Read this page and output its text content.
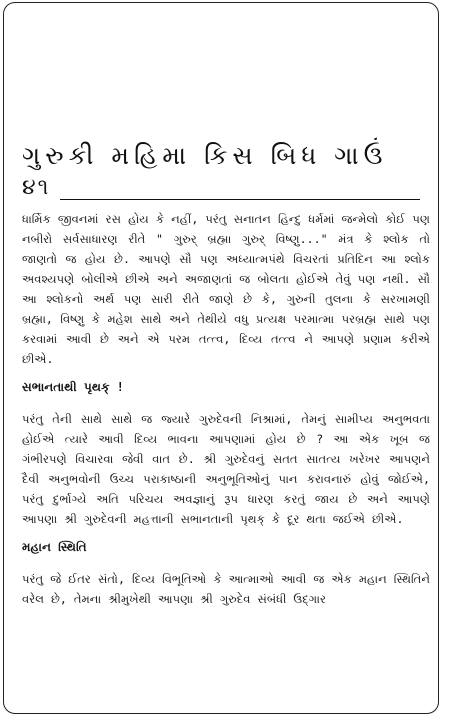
ગુરુકી મહિમા કિસ બિધ ગાઉં
૪૧

ધાર્મિક જીવનમાં રસ હોય કે નહીં, પરંતુ સનાતન હિન્દુ ધર્મમાં જન્મેલો કોઈ પણ નબીરો સર્વસાધારણ રીતે " ગુરુર્ બ્રહ્મા ગુરુર્ વિષ્ણુ..." મંત્ર કે શ્લોક તો જાણતો જ હોય છે. આપણે સૌ પણ અધ્યાત્મપંથે વિચરતાં પ્રતિદિન આ શ્લોક અવશ્યપણે બોલીએ છીએ અને અજાણતાં જ બોલતા હોઈએ તેવું પણ નથી. સૌ આ શ્લોકનો અર્થ પણ સારી રીતે જાણે છે કે, ગુરુની તુલના કે સરખામણી બ્રહ્મા, વિષ્ણુ કે મહેશ સાથે અને તેથીયે વધુ પ્રત્યક્ષ પરમાત્મા પરબ્રહ્મ સાથે પણ કરવામાં આવી છે અને એ પરમ તત્ત્વ, દિવ્ય તત્ત્વ ને આપણે પ્રણામ કરીએ છીએ.

સભાનતાથી પૃથક્ !

પરંતુ તેની સાથે સાથે જ જ્યારે ગુરુદેવની નિશ્રામાં, તેમનું સામીપ્ય અનુભવતા હોઈએ ત્યારે આવી દિવ્ય ભાવના આપણામાં હોય છે ? આ એક ખૂબ જ ગંભીરપણે વિચારવા જેવી વાત છે. શ્રી ગુરુદેવનું સતત સાતત્ય ખરેખર આપણને દૈવી અનુભવોની ઉચ્ચ પરાકાષ્ઠાની અનુભૂતિઓનું પાન કરાવનારું હોવું જોઈએ, પરંતુ દુર્ભાગ્યે અતિ પરિચય અવજ્ઞાનું રૂપ ધારણ કરતું જાય છે અને આપણે આપણા શ્રી ગુરુદેવની મહત્તાની સભાનતાની પૃથક્ કે દૂર થતા જઈએ છીએ.

મહાન સ્થિતિ

પરંતુ જે ઈતર સંતો, દિવ્ય વિભૂતિઓ કે આત્માઓ આવી જ એક મહાન સ્થિતિને વરેલ છે, તેમના શ્રીમુખેથી આપણા શ્રી ગુરુદેવ સંબંધી ઉદ્ગાર
